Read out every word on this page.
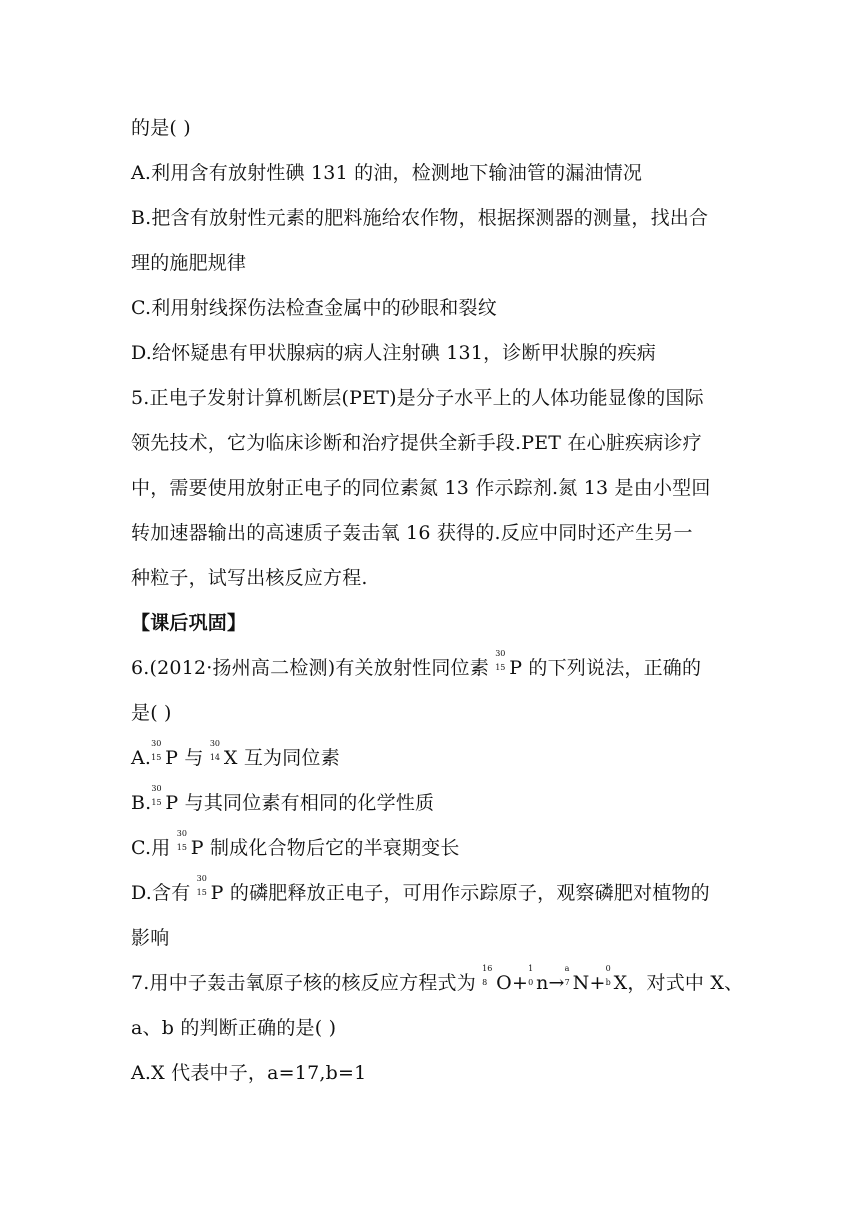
的是( )
A.利用含有放射性碘 131 的油，检测地下输油管的漏油情况
B.把含有放射性元素的肥料施给农作物，根据探测器的测量，找出合
理的施肥规律
C.利用射线探伤法检查金属中的砂眼和裂纹
D.给怀疑患有甲状腺病的病人注射碘 131，诊断甲状腺的疾病
5.正电子发射计算机断层(PET)是分子水平上的人体功能显像的国际
领先技术，它为临床诊断和治疗提供全新手段.PET 在心脏疾病诊疗
中，需要使用放射正电子的同位素氮 13 作示踪剂.氮 13 是由小型回
转加速器输出的高速质子轰击氧 16 获得的.反应中同时还产生另一
种粒子，试写出核反应方程.
【课后巩固】
6.(2012·扬州高二检测)有关放射性同位素
30
15 P 的下列说法，正确的
是( )
A.
30
15 P 与
30
14 X 互为同位素
B.
30
15 P 与其同位素有相同的化学性质
C.用
30
15 P 制成化合物后它的半衰期变长
D.含有
30
15 P 的磷肥释放正电子，可用作示踪原子，观察磷肥对植物的
影响
7.用中子轰击氧原子核的核反应方程式为
16
8 O+
1
0 n→
a
7 N+
0
b X，对式中 X、
a、b 的判断正确的是( )
A.X 代表中子，a=17,b=1
